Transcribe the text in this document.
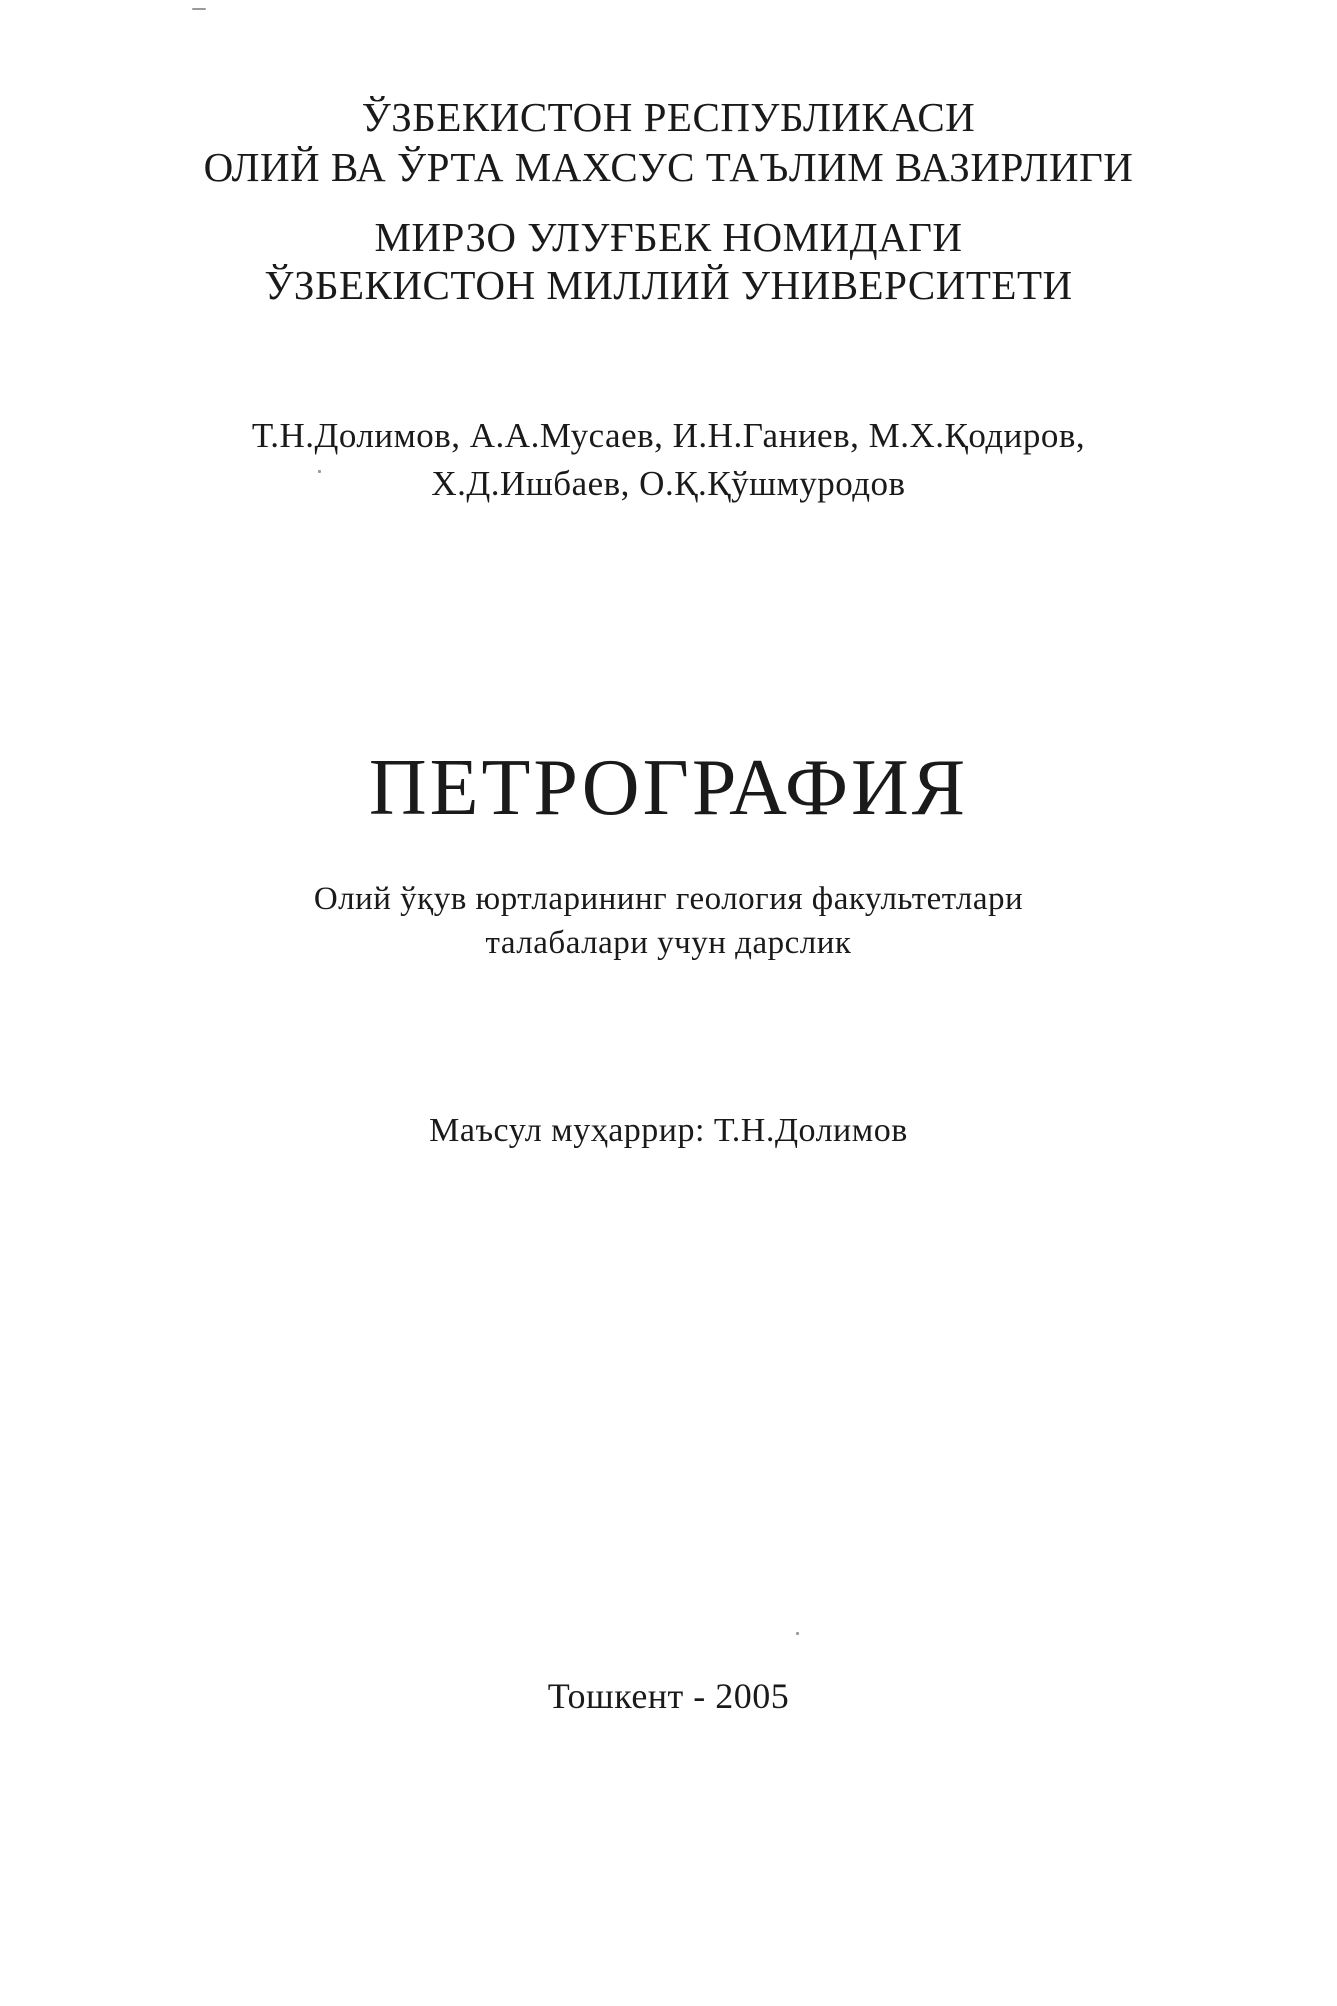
ЎЗБЕКИСТОН РЕСПУБЛИКАСИ
ОЛИЙ ВА ЎРТА МАХСУС ТАЪЛИМ ВАЗИРЛИГИ
МИРЗО УЛУҒБЕК НОМИДАГИ
ЎЗБЕКИСТОН МИЛЛИЙ УНИВЕРСИТЕТИ
Т.Н.Долимов, А.А.Мусаев, И.Н.Ганиев, М.Х.Қодиров,
Х.Д.Ишбаев, О.Қ.Қўшмуродов
ПЕТРОГРАФИЯ
Олий ўқув юртларининг геология факультетлари
талабалари учун дарслик
Маъсул муҳаррир: Т.Н.Долимов
Тошкент - 2005
